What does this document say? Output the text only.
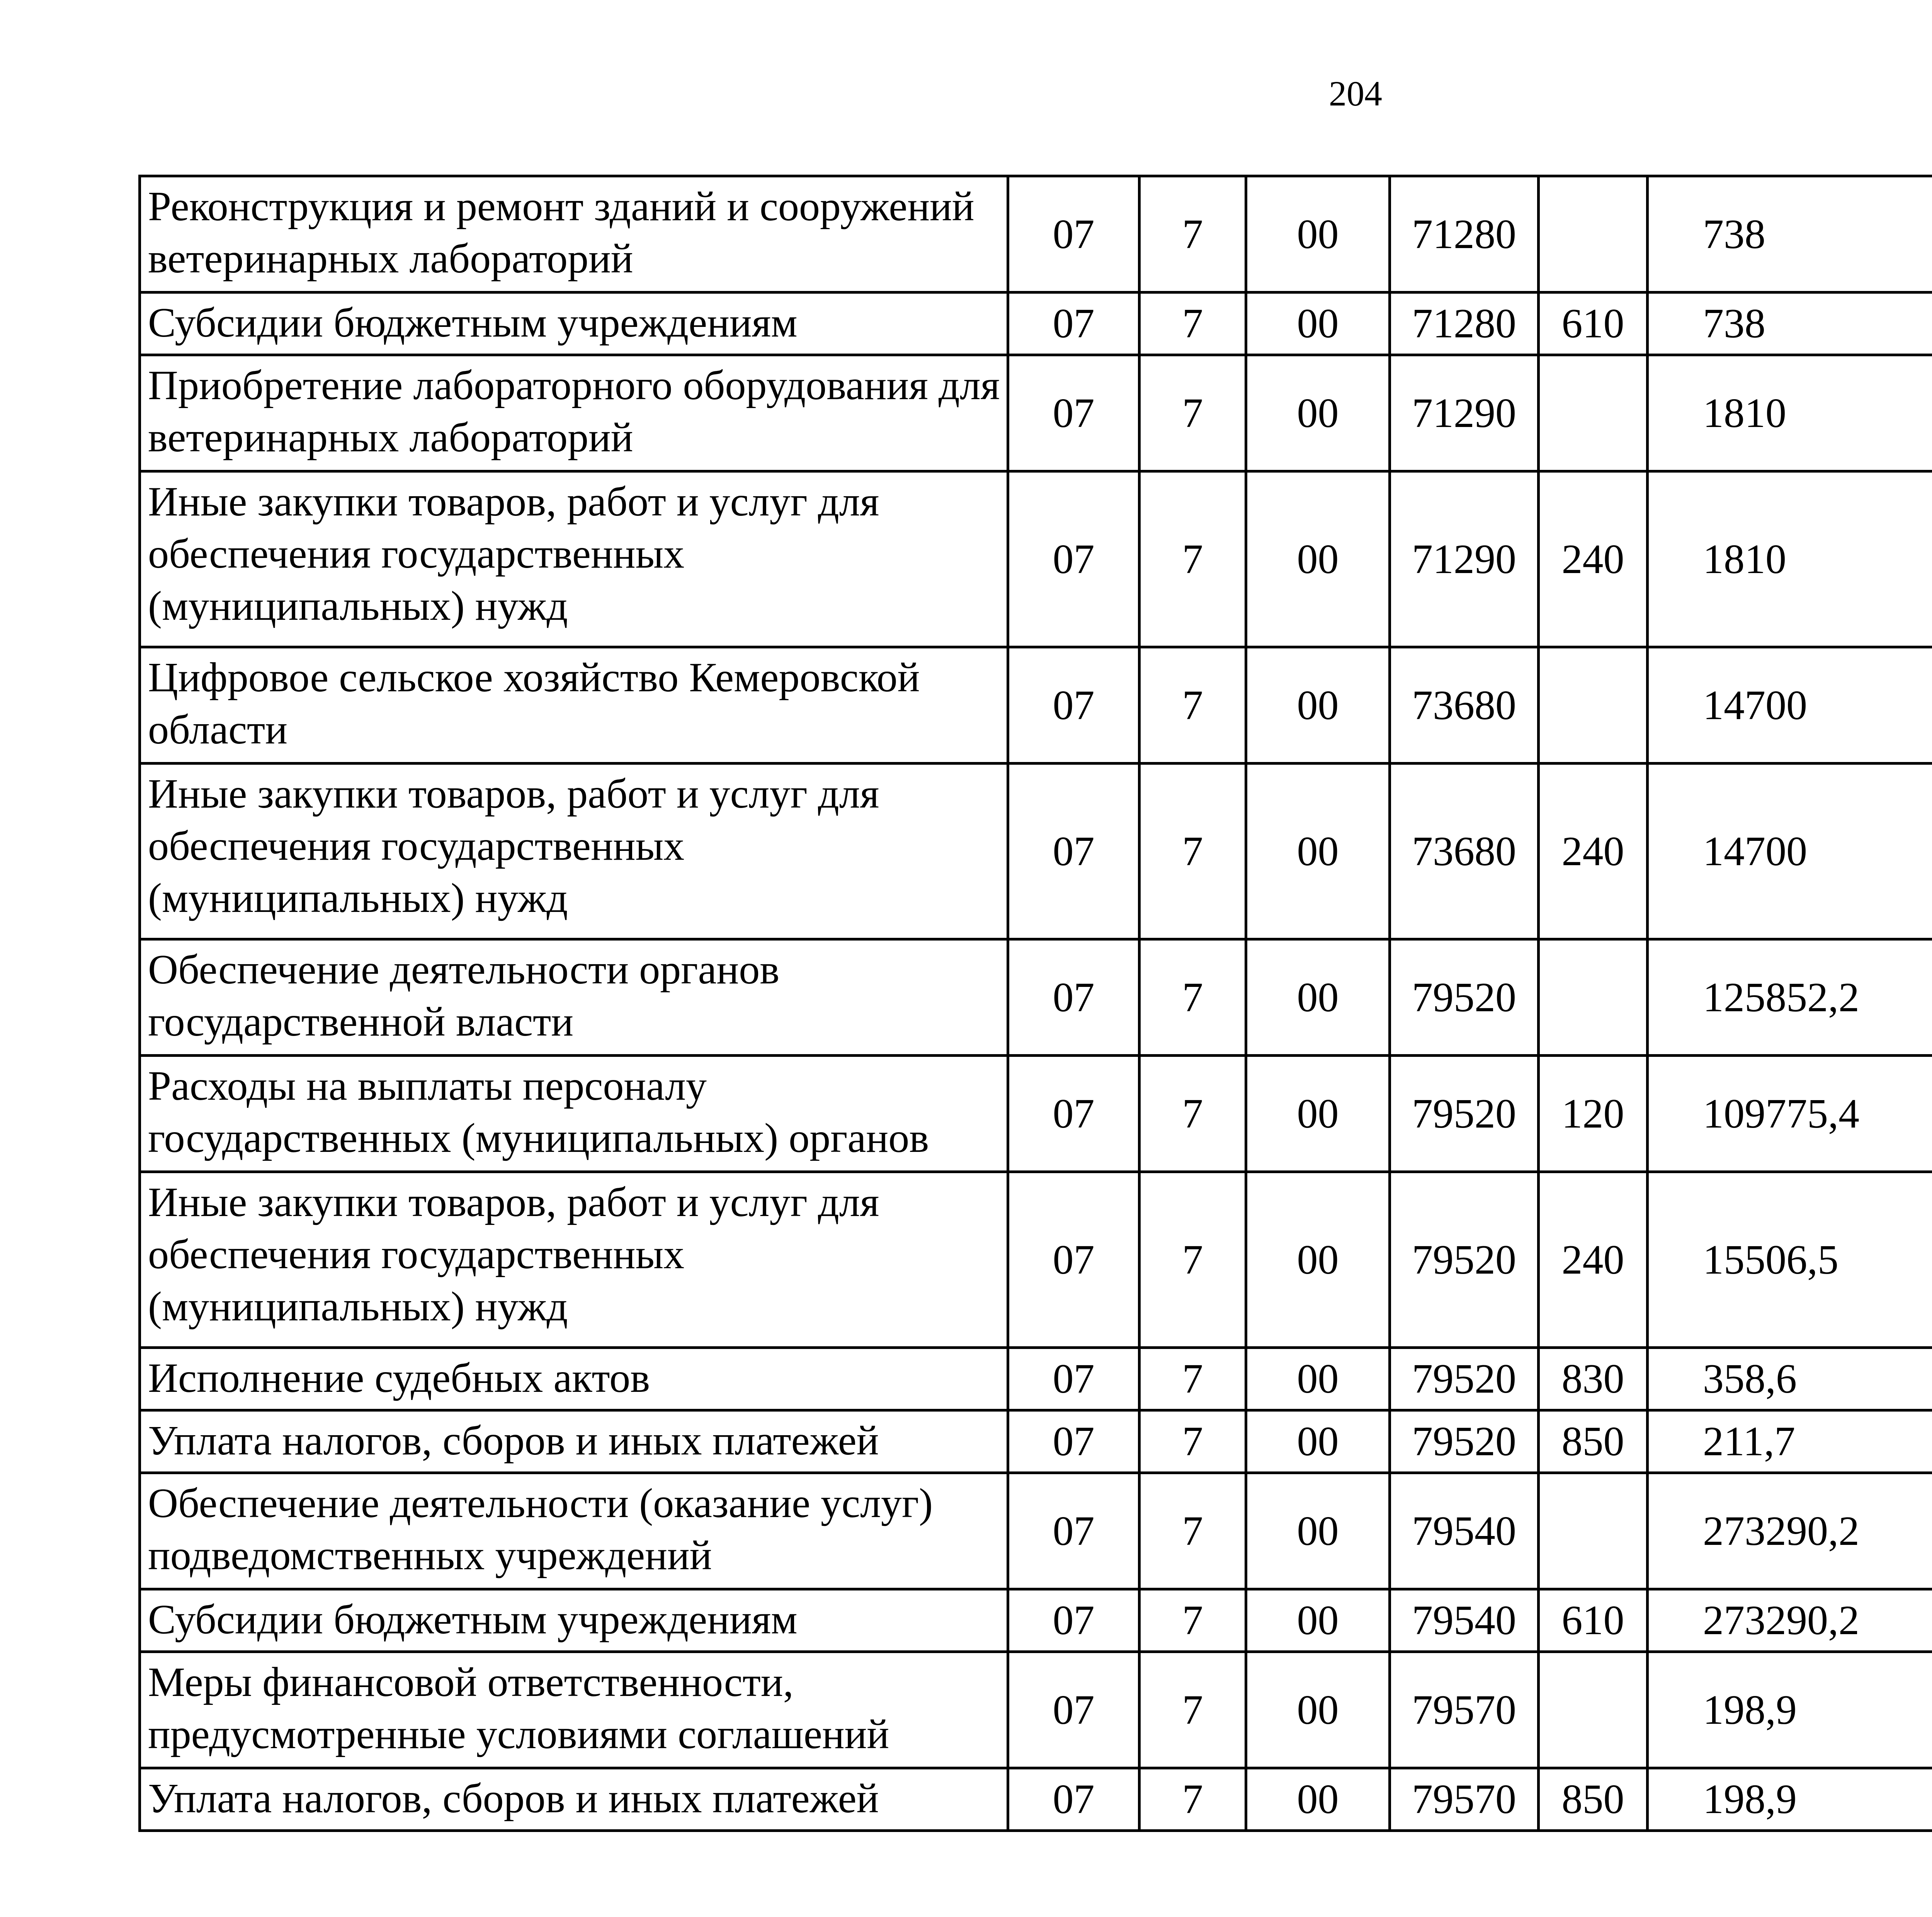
204
Реконструкция и ремонт зданий и сооружений ветеринарных лабораторий	07	7	00	71280		738		
Субсидии бюджетным учреждениям	07	7	00	71280	610	738		
Приобретение лабораторного оборудования для ветеринарных лабораторий	07	7	00	71290		1810		
Иные закупки товаров, работ и услуг для обеспечения государственных (муниципальных) нужд	07	7	00	71290	240	1810		
Цифровое сельское хозяйство Кемеровской области	07	7	00	73680		14700		
Иные закупки товаров, работ и услуг для обеспечения государственных (муниципальных) нужд	07	7	00	73680	240	14700		
Обеспечение деятельности органов государственной власти	07	7	00	79520		125852,2		
Расходы на выплаты персоналу государственных (муниципальных) органов	07	7	00	79520	120	109775,4		
Иные закупки товаров, работ и услуг для обеспечения государственных (муниципальных) нужд	07	7	00	79520	240	15506,5		
Исполнение судебных актов	07	7	00	79520	830	358,6		
Уплата налогов, сборов и иных платежей	07	7	00	79520	850	211,7		
Обеспечение деятельности (оказание услуг) подведомственных учреждений	07	7	00	79540		273290,2		
Субсидии бюджетным учреждениям	07	7	00	79540	610	273290,2		
Меры финансовой ответственности, предусмотренные условиями соглашений	07	7	00	79570		198,9		
Уплата налогов, сборов и иных платежей	07	7	00	79570	850	198,9		
